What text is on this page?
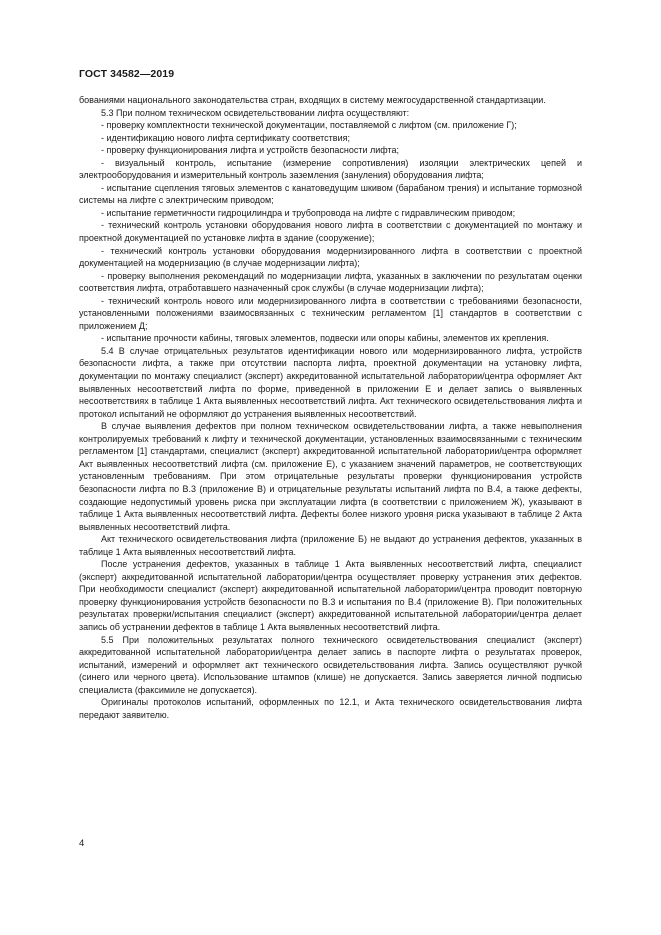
ГОСТ 34582—2019

бованиями национального законодательства стран, входящих в систему межгосударственной стандартизации.

5.3 При полном техническом освидетельствовании лифта осуществляют:

- проверку комплектности технической документации, поставляемой с лифтом (см. приложение Г);

- идентификацию нового лифта сертификату соответствия;

- проверку функционирования лифта и устройств безопасности лифта;

- визуальный контроль, испытание (измерение сопротивления) изоляции электрических цепей и электрооборудования и измерительный контроль заземления (зануления) оборудования лифта;

- испытание сцепления тяговых элементов с канатоведущим шкивом (барабаном трения) и испытание тормозной системы на лифте с электрическим приводом;

- испытание герметичности гидроцилиндра и трубопровода на лифте с гидравлическим приводом;

- технический контроль установки оборудования нового лифта в соответствии с документацией по монтажу и проектной документацией по установке лифта в здание (сооружение);

- технический контроль установки оборудования модернизированного лифта в соответствии с проектной документацией на модернизацию (в случае модернизации лифта);

- проверку выполнения рекомендаций по модернизации лифта, указанных в заключении по результатам оценки соответствия лифта, отработавшего назначенный срок службы (в случае модернизации лифта);

- технический контроль нового или модернизированного лифта в соответствии с требованиями безопасности, установленными положениями взаимосвязанных с техническим регламентом [1] стандартов в соответствии с приложением Д;

- испытание прочности кабины, тяговых элементов, подвески или опоры кабины, элементов их крепления.

5.4 В случае отрицательных результатов идентификации нового или модернизированного лифта, устройств безопасности лифта, а также при отсутствии паспорта лифта, проектной документации на установку лифта, документации по монтажу специалист (эксперт) аккредитованной испытательной лаборатории/центра оформляет Акт выявленных несоответствий лифта по форме, приведенной в приложении Е и делает запись о выявленных несоответствиях в таблице 1 Акта выявленных несоответствий лифта. Акт технического освидетельствования лифта и протокол испытаний не оформляют до устранения выявленных несоответствий.

В случае выявления дефектов при полном техническом освидетельствовании лифта, а также невыполнения контролируемых требований к лифту и технической документации, установленных взаимосвязанными с техническим регламентом [1] стандартами, специалист (эксперт) аккредитованной испытательной лаборатории/центра оформляет Акт выявленных несоответствий лифта (см. приложение Е), с указанием значений параметров, не соответствующих установленным требованиям. При этом отрицательные результаты проверки функционирования устройств безопасности лифта по В.3 (приложение В) и отрицательные результаты испытаний лифта по В.4, а также дефекты, создающие недопустимый уровень риска при эксплуатации лифта (в соответствии с приложением Ж), указывают в таблице 1 Акта выявленных несоответствий лифта. Дефекты более низкого уровня риска указывают в таблице 2 Акта выявленных несоответствий лифта.

Акт технического освидетельствования лифта (приложение Б) не выдают до устранения дефектов, указанных в таблице 1 Акта выявленных несоответствий лифта.

После устранения дефектов, указанных в таблице 1 Акта выявленных несоответствий лифта, специалист (эксперт) аккредитованной испытательной лаборатории/центра осуществляет проверку устранения этих дефектов. При необходимости специалист (эксперт) аккредитованной испытательной лаборатории/центра проводит повторную проверку функционирования устройств безопасности по В.3 и испытания по В.4 (приложение В). При положительных результатах проверки/испытания специалист (эксперт) аккредитованной испытательной лаборатории/центра делает запись об устранении дефектов в таблице 1 Акта выявленных несоответствий лифта.

5.5 При положительных результатах полного технического освидетельствования специалист (эксперт) аккредитованной испытательной лаборатории/центра делает запись в паспорте лифта о результатах проверок, испытаний, измерений и оформляет акт технического освидетельствования лифта. Запись осуществляют ручкой (синего или черного цвета). Использование штампов (клише) не допускается. Запись заверяется личной подписью специалиста (факсимиле не допускается).

Оригиналы протоколов испытаний, оформленных по 12.1, и Акта технического освидетельствования лифта передают заявителю.

4
